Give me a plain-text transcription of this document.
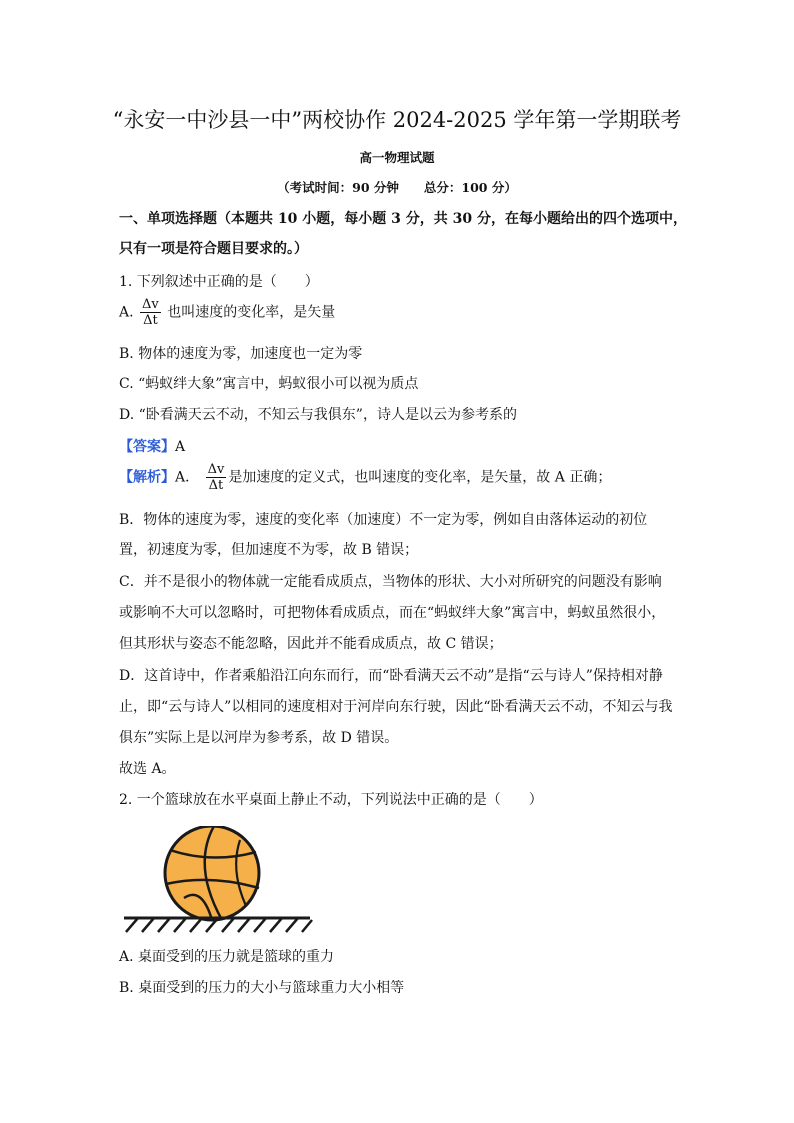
“永安一中沙县一中”两校协作 2024-2025 学年第一学期联考
高一物理试题
（考试时间：90 分钟　　总分：100 分）
一、单项选择题（本题共 10 小题，每小题 3 分，共 30 分，在每小题给出的四个选项中，
只有一项是符合题目要求的。）
1. 下列叙述中正确的是（　　）
A. $\frac{\Delta v}{\Delta t}$ 也叫速度的变化率，是矢量
B. 物体的速度为零，加速度也一定为零
C. “蚂蚁绊大象”寓言中，蚂蚁很小可以视为质点
D. “卧看满天云不动，不知云与我俱东”，诗人是以云为参考系的
【答案】A
【解析】A． $\frac{\Delta v}{\Delta t}$ 是加速度的定义式，也叫速度的变化率，是矢量，故 A 正确；
B．物体的速度为零，速度的变化率（加速度）不一定为零，例如自由落体运动的初位
置，初速度为零，但加速度不为零，故 B 错误；
C．并不是很小的物体就一定能看成质点，当物体的形状、大小对所研究的问题没有影响
或影响不大可以忽略时，可把物体看成质点，而在“蚂蚁绊大象”寓言中，蚂蚁虽然很小，
但其形状与姿态不能忽略，因此并不能看成质点，故 C 错误；
D．这首诗中，作者乘船沿江向东而行，而“卧看满天云不动”是指“云与诗人”保持相对静
止，即“云与诗人”以相同的速度相对于河岸向东行驶，因此“卧看满天云不动，不知云与我
俱东”实际上是以河岸为参考系，故 D 错误。
故选 A。
2. 一个篮球放在水平桌面上静止不动，下列说法中正确的是（　　）
A. 桌面受到的压力就是篮球的重力
B. 桌面受到的压力的大小与篮球重力大小相等
